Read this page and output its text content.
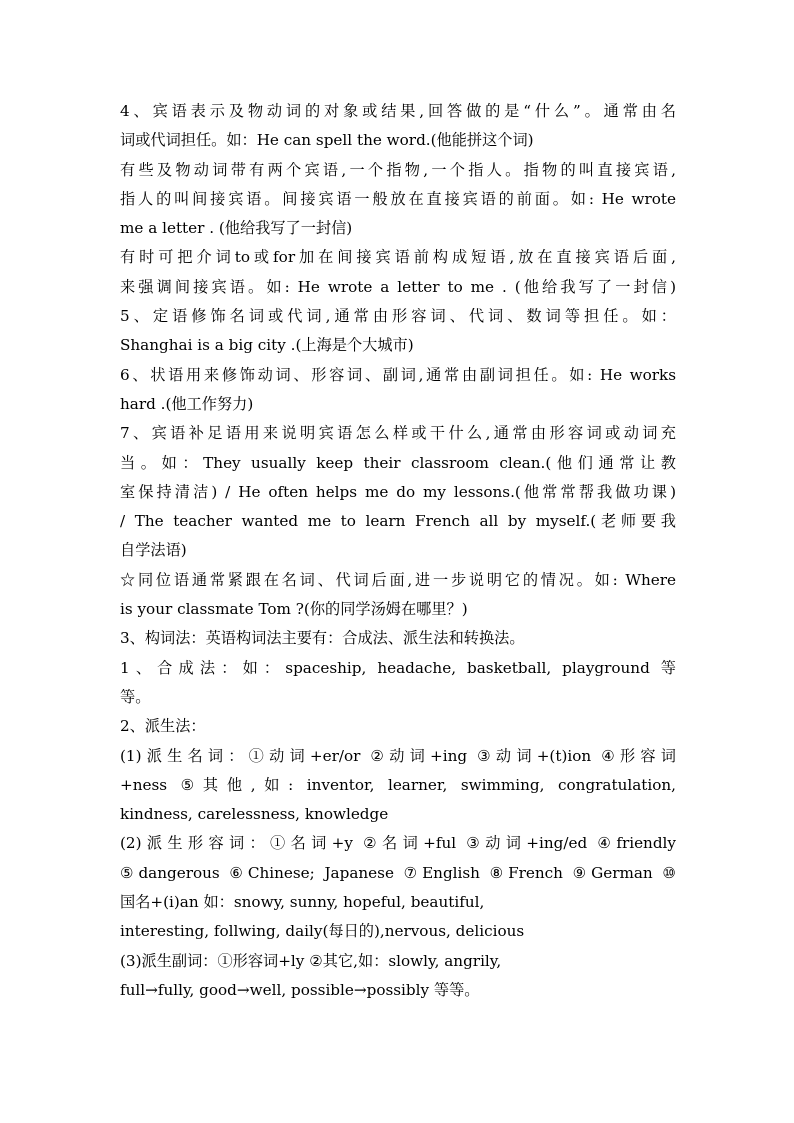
4、宾语表示及物动词的对象或结果,回答做的是“什么”。通常由名
词或代词担任。如：He can spell the word.(他能拼这个词)
有些及物动词带有两个宾语,一个指物,一个指人。指物的叫直接宾语,
指人的叫间接宾语。间接宾语一般放在直接宾语的前面。如: He wrote
me a letter . (他给我写了一封信)
有时可把介词to或for加在间接宾语前构成短语,放在直接宾语后面,
来强调间接宾语。如: He wrote a letter to me . (他给我写了一封信)
5、定语修饰名词或代词,通常由形容词、代词、数词等担任。如：
Shanghai is a big city .(上海是个大城市)
6、状语用来修饰动词、形容词、副词,通常由副词担任。如: He works
hard .(他工作努力)
7、宾语补足语用来说明宾语怎么样或干什么,通常由形容词或动词充
当。如：They usually keep their classroom clean.(他们通常让教
室保持清洁) / He often helps me do my lessons.(他常常帮我做功课)
/ The teacher wanted me to learn French all by myself.(老师要我
自学法语)
☆同位语通常紧跟在名词、代词后面,进一步说明它的情况。如: Where
is your classmate Tom ?(你的同学汤姆在哪里？)
3、构词法：英语构词法主要有：合成法、派生法和转换法。
1、合成法：如：spaceship, headache, basketball, playground 等
等。
2、派生法：
(1)派生名词：①动词+er/or ②动词+ing ③动词+(t)ion ④形容词
+ness ⑤其他,如: inventor, learner, swimming, congratulation,
kindness, carelessness, knowledge
(2)派生形容词：①名词+y ②名词+ful ③动词+ing/ed ④friendly
⑤dangerous ⑥Chinese; Japanese ⑦English ⑧French ⑨German ⑩
国名+(i)an 如：snowy, sunny, hopeful, beautiful,
interesting, follwing, daily(每日的),nervous, delicious
(3)派生副词：①形容词+ly ②其它,如：slowly, angrily,
full→fully, good→well, possible→possibly 等等。
